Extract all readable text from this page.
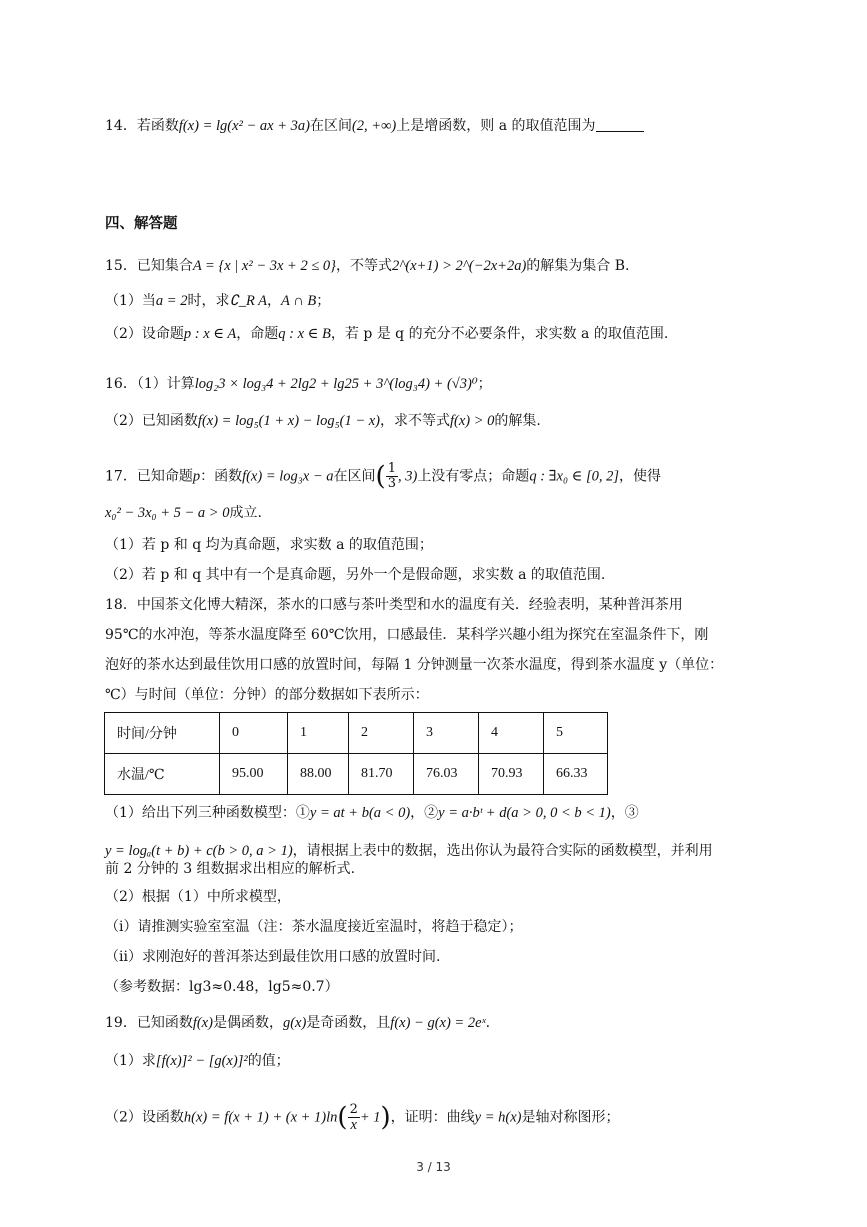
14．若函数f(x) = lg(x² − ax + 3a)在区间(2, +∞)上是增函数，则 a 的取值范围为
四、解答题
15．已知集合A = {x | x² − 3x + 2 ≤ 0}，不等式2^(x+1) > 2^(−2x+2a)的解集为集合 B.
（1）当a = 2时，求∁_R A，A ∩ B；
（2）设命题p : x ∈ A，命题q : x ∈ B，若 p 是 q 的充分不必要条件，求实数 a 的取值范围.
16．（1）计算log₂3 × log₃4 + 2lg2 + lg25 + 3^(log₃4) + (√3)⁰；
（2）已知函数f(x) = log₅(1 + x) − log₅(1 − x)，求不等式f(x) > 0的解集.
17．已知命题p：函数f(x) = log₃x − a在区间( $\frac{1}{3}$ , 3)上没有零点；命题q : ∃x₀ ∈ [0, 2]，使得
x₀² − 3x₀ + 5 − a > 0成立.
（1）若 p 和 q 均为真命题，求实数 a 的取值范围；
（2）若 p 和 q 其中有一个是真命题，另外一个是假命题，求实数 a 的取值范围.
18．中国茶文化博大精深，茶水的口感与茶叶类型和水的温度有关．经验表明，某种普洱茶用
95℃的水冲泡，等茶水温度降至 60℃饮用，口感最佳．某科学兴趣小组为探究在室温条件下，刚
泡好的茶水达到最佳饮用口感的放置时间，每隔 1 分钟测量一次茶水温度，得到茶水温度 y（单位：
℃）与时间（单位：分钟）的部分数据如下表所示：
时间/分钟	0	1	2	3	4	5
水温/℃	95.00	88.00	81.70	76.03	70.93	66.33
（1）给出下列三种函数模型：①y = at + b(a < 0)，②y = a·bᵗ + d(a > 0, 0 < b < 1)，③
y = logₐ(t + b) + c(b > 0, a > 1)，请根据上表中的数据，选出你认为最符合实际的函数模型，并利用
前 2 分钟的 3 组数据求出相应的解析式.
（2）根据（1）中所求模型，
（i）请推测实验室室温（注：茶水温度接近室温时，将趋于稳定）；
（ii）求刚泡好的普洱茶达到最佳饮用口感的放置时间.
（参考数据：lg3≈0.48，lg5≈0.7）
19．已知函数f(x)是偶函数，g(x)是奇函数，且f(x) − g(x) = 2eˣ.
（1）求[f(x)]² − [g(x)]²的值；
（2）设函数$h(x) = f(x + 1) + (x + 1)\ln( \frac{2}{x} + 1)$，证明：曲线y = h(x)是轴对称图形；
3 / 13
